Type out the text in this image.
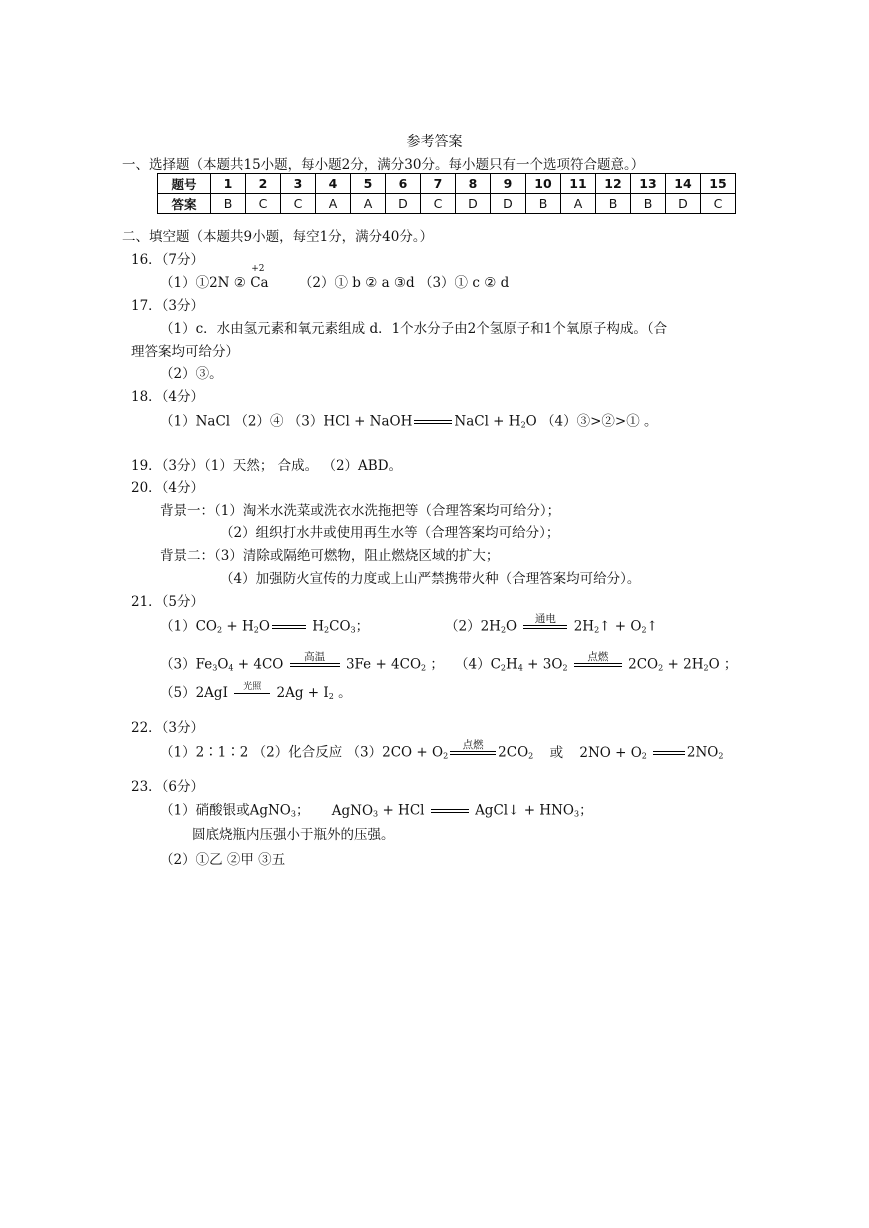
参考答案
一、选择题（本题共15小题，每小题2分，满分30分。每小题只有一个选项符合题意。）
题号	1	2	3	4	5	6	7	8	9	10	11	12	13	14	15
答案	B	C	C	A	A	D	C	D	D	B	A	B	B	D	C
二、填空题（本题共9小题，每空1分，满分40分。）
16．（7分）
（1）①2N ②
+2
Ca （2）① b ② a ③d （3）① c ② d
17．（3分）
（1）c．水由氢元素和氧元素组成 d．1个水分子由2个氢原子和1个氧原子构成。（合
理答案均可给分）
（2）③。
18．（4分）
（1）NaCl （2）④ （3）HCl + NaOH	NaCl + $H_2O$ （4）③>②>① 。
19．（3分）（1）天然； 合成。 （2）ABD。
20．（4分）
背景一：（1）淘米水洗菜或洗衣水洗拖把等（合理答案均可给分）；
（2）组织打水井或使用再生水等（合理答案均可给分）；
背景二：（3）清除或隔绝可燃物，阻止燃烧区域的扩大；
（4）加强防火宣传的力度或上山严禁携带火种（合理答案均可给分）。
21．（5分）
$(1)CO_2 + H_2O$	$H_2CO_3$；	$(2)2H_2O$	通电	$2H_2↑$ + $O_2↑$
$(3)Fe_3O_4 + 4CO$	高温	$3Fe + 4CO_2$ ； $(4)C_2H_4 + 3O_2$
点燃	$2CO_2 + 2H_2O$ ；
（5）2AgI	光照 $2Ag + I_2$ 。
22．（3分）
（1）2∶1∶2 （2）化合反应 $(3)2CO + O_2$
点燃	$2CO_2$ 或 $2NO + O_2$	$2NO_2$
23．（6分）
（1）硝酸银或AgNO$_3$； AgNO$_3$ + HCl	AgCl↓ + $HNO_3$；
圆底烧瓶内压强小于瓶外的压强。
（2）①乙 ②甲 ③五
